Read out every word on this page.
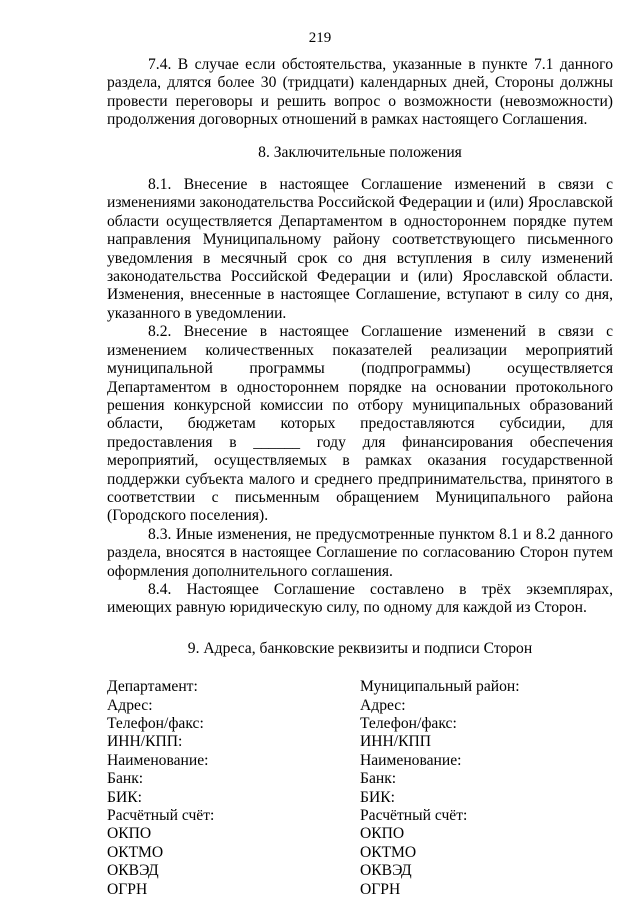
219

7.4. В случае если обстоятельства, указанные в пункте 7.1 данного раздела, длятся более 30 (тридцати) календарных дней, Стороны должны провести переговоры и решить вопрос о возможности (невозможности) продолжения договорных отношений в рамках настоящего Соглашения.

8. Заключительные положения

8.1. Внесение в настоящее Соглашение изменений в связи с изменениями законодательства Российской Федерации и (или) Ярославской области осуществляется Департаментом в одностороннем порядке путем направления Муниципальному району соответствующего письменного уведомления в месячный срок со дня вступления в силу изменений законодательства Российской Федерации и (или) Ярославской области. Изменения, внесенные в настоящее Соглашение, вступают в силу со дня, указанного в уведомлении.

8.2. Внесение в настоящее Соглашение изменений в связи с изменением количественных показателей реализации мероприятий муниципальной программы (подпрограммы) осуществляется Департаментом в одностороннем порядке на основании протокольного решения конкурсной комиссии по отбору муниципальных образований области, бюджетам которых предоставляются субсидии, для предоставления в ______ году для финансирования обеспечения мероприятий, осуществляемых в рамках оказания государственной поддержки субъекта малого и среднего предпринимательства, принятого в соответствии с письменным обращением Муниципального района (Городского поселения).

8.3. Иные изменения, не предусмотренные пунктом 8.1 и 8.2 данного раздела, вносятся в настоящее Соглашение по согласованию Сторон путем оформления дополнительного соглашения.

8.4. Настоящее Соглашение составлено в трёх экземплярах, имеющих равную юридическую силу, по одному для каждой из Сторон.

9. Адреса, банковские реквизиты и подписи Сторон
Департамент:
Адрес:
Телефон/факс:
ИНН/КПП:
Наименование:
Банк:
БИК:
Расчётный счёт:
ОКПО
ОКТМО
ОКВЭД
ОГРН
Муниципальный район:
Адрес:
Телефон/факс:
ИНН/КПП
Наименование:
Банк:
БИК:
Расчётный счёт:
ОКПО
ОКТМО
ОКВЭД
ОГРН
